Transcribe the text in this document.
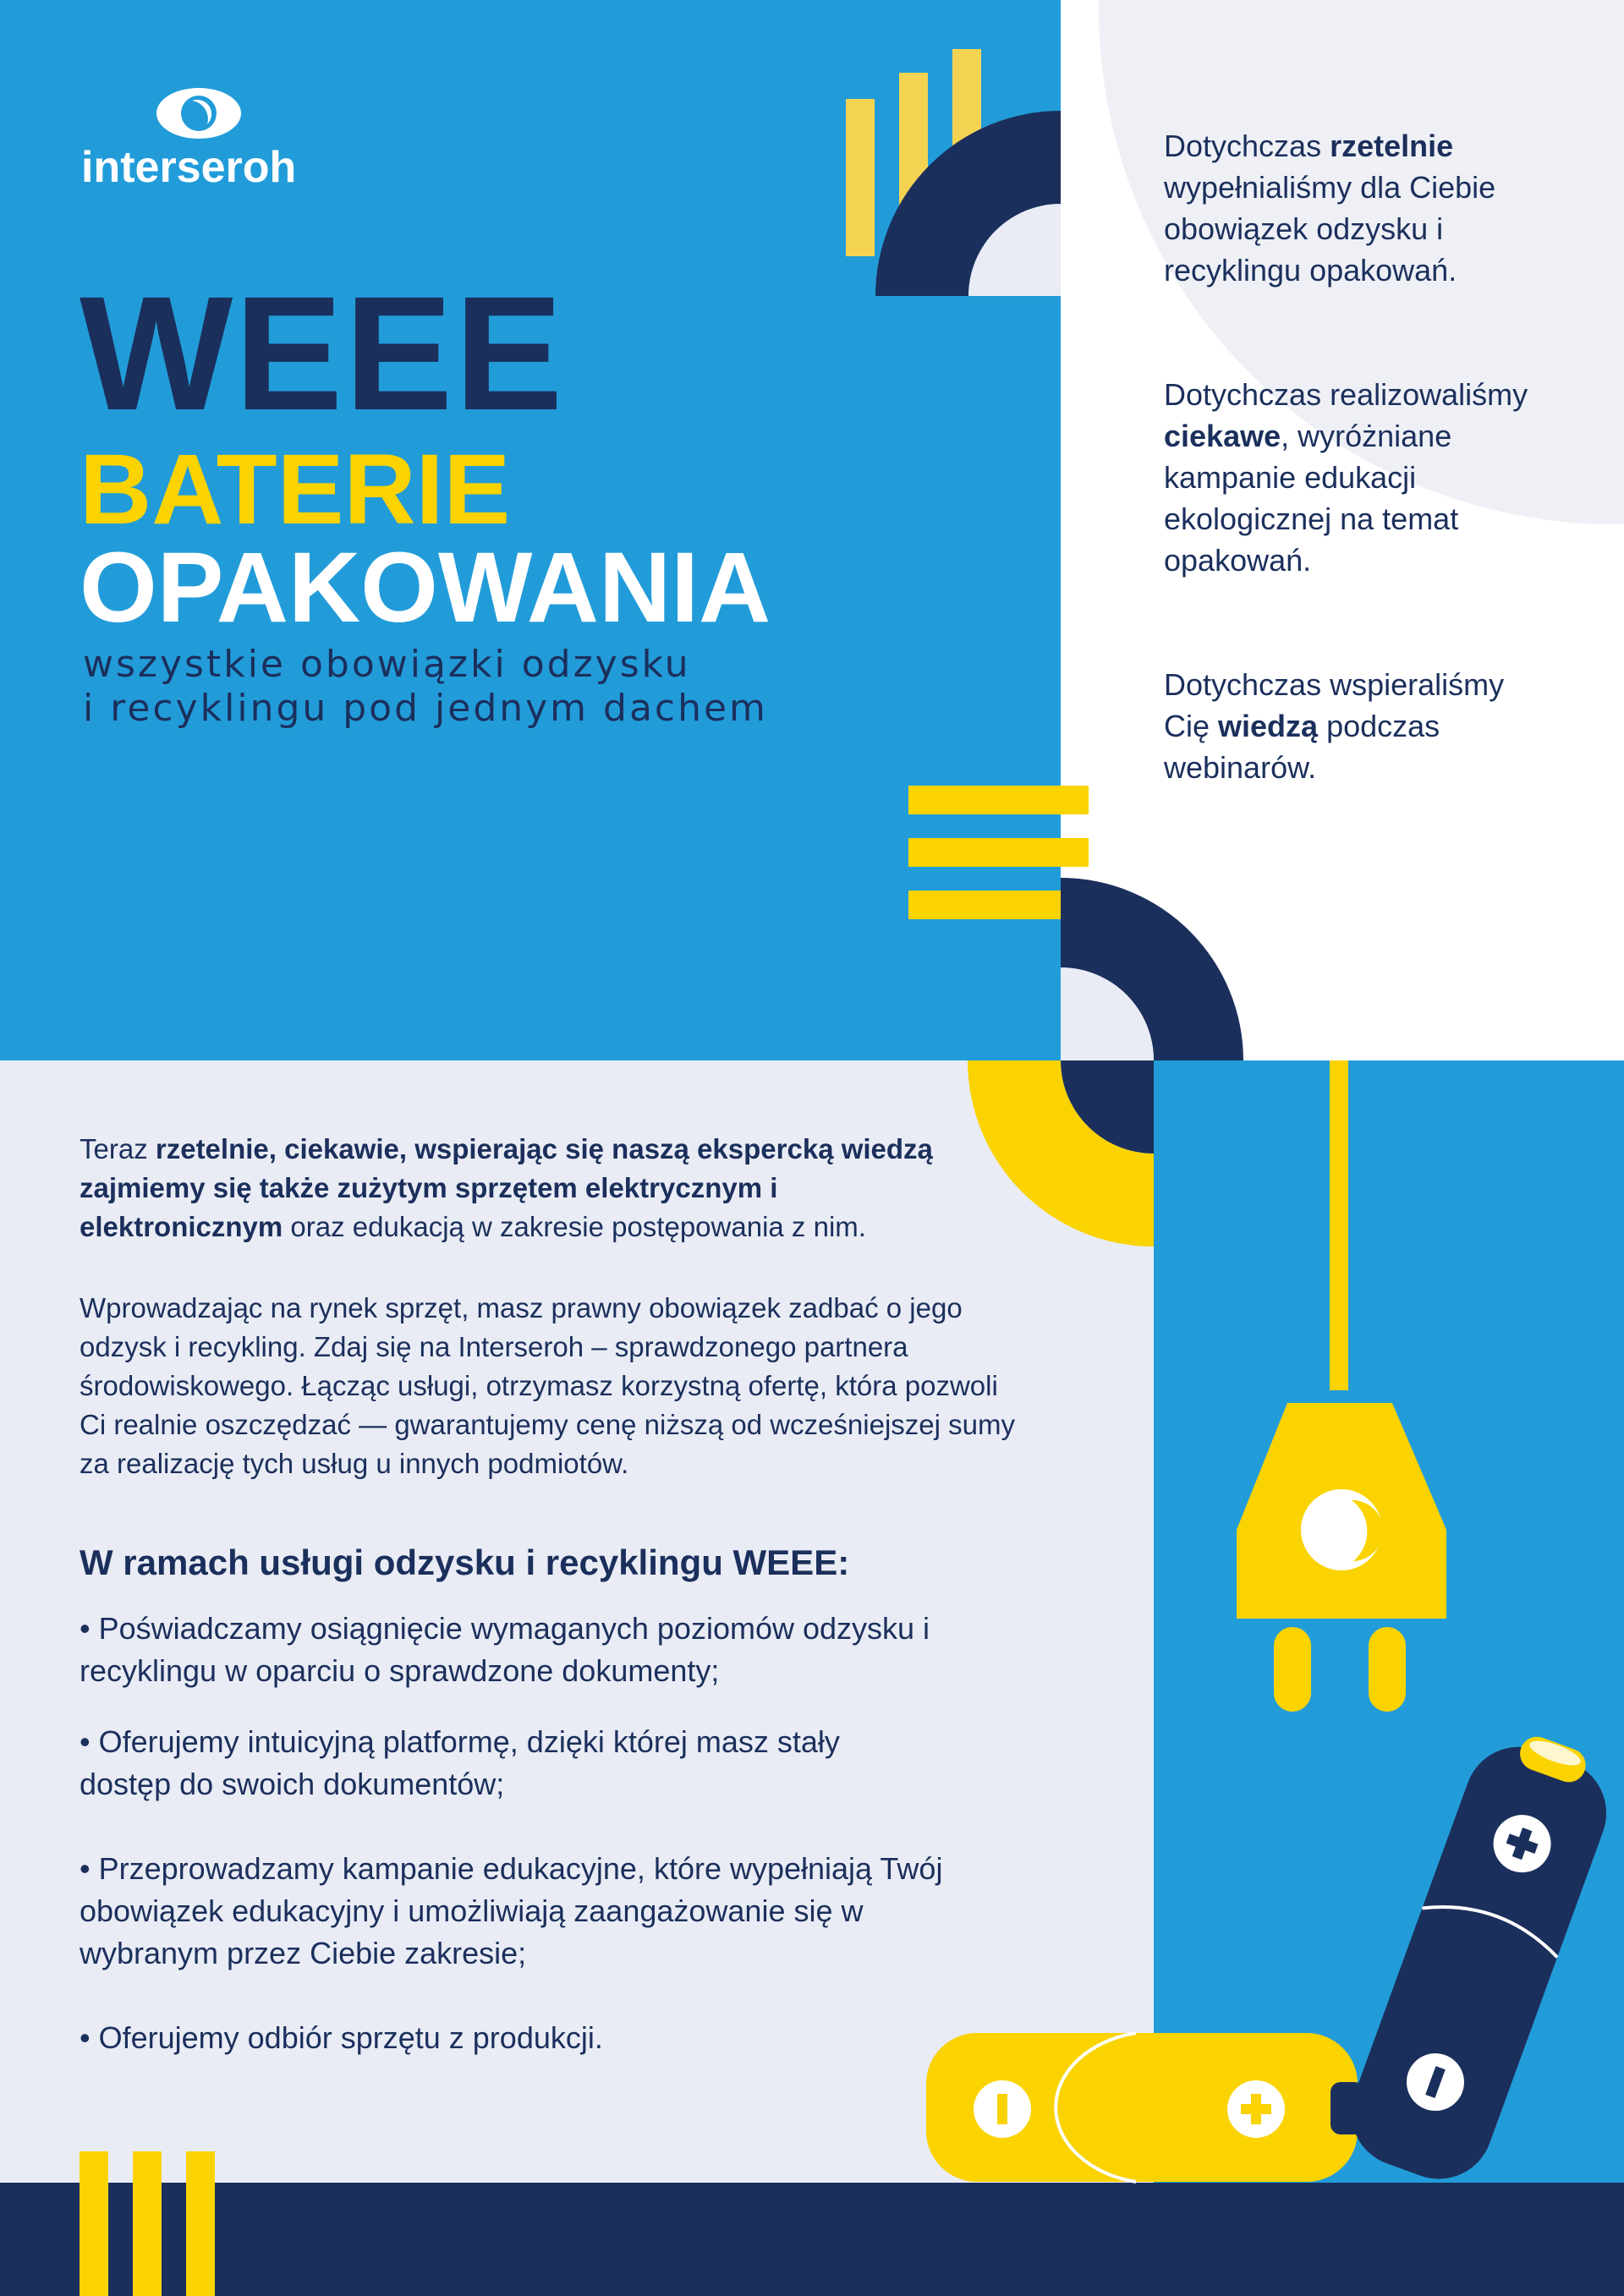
interseroh
WEEE
BATERIE
OPAKOWANIA
wszystkie obowiązki odzysku
i recyklingu pod jednym dachem
Dotychczas rzetelnie wypełnialiśmy dla Ciebie obowiązek odzysku i recyklingu opakowań.
Dotychczas realizowaliśmy ciekawe, wyróżniane kampanie edukacji ekologicznej na temat opakowań.
Dotychczas wspieraliśmy Cię wiedzą podczas webinarów.
Teraz rzetelnie, ciekawie, wspierając się naszą ekspercką wiedzą zajmiemy się także zużytym sprzętem elektrycznym i elektronicznym oraz edukacją w zakresie postępowania z nim.
Wprowadzając na rynek sprzęt, masz prawny obowiązek zadbać o jego odzysk i recykling. Zdaj się na Interseroh – sprawdzonego partnera środowiskowego. Łącząc usługi, otrzymasz korzystną ofertę, która pozwoli Ci realnie oszczędzać — gwarantujemy cenę niższą od wcześniejszej sumy za realizację tych usług u innych podmiotów.
W ramach usługi odzysku i recyklingu WEEE:
• Poświadczamy osiągnięcie wymaganych poziomów odzysku i recyklingu w oparciu o sprawdzone dokumenty;
• Oferujemy intuicyjną platformę, dzięki której masz stały dostęp do swoich dokumentów;
• Przeprowadzamy kampanie edukacyjne, które wypełniają Twój obowiązek edukacyjny i umożliwiają zaangażowanie się w wybranym przez Ciebie zakresie;
• Oferujemy odbiór sprzętu z produkcji.
